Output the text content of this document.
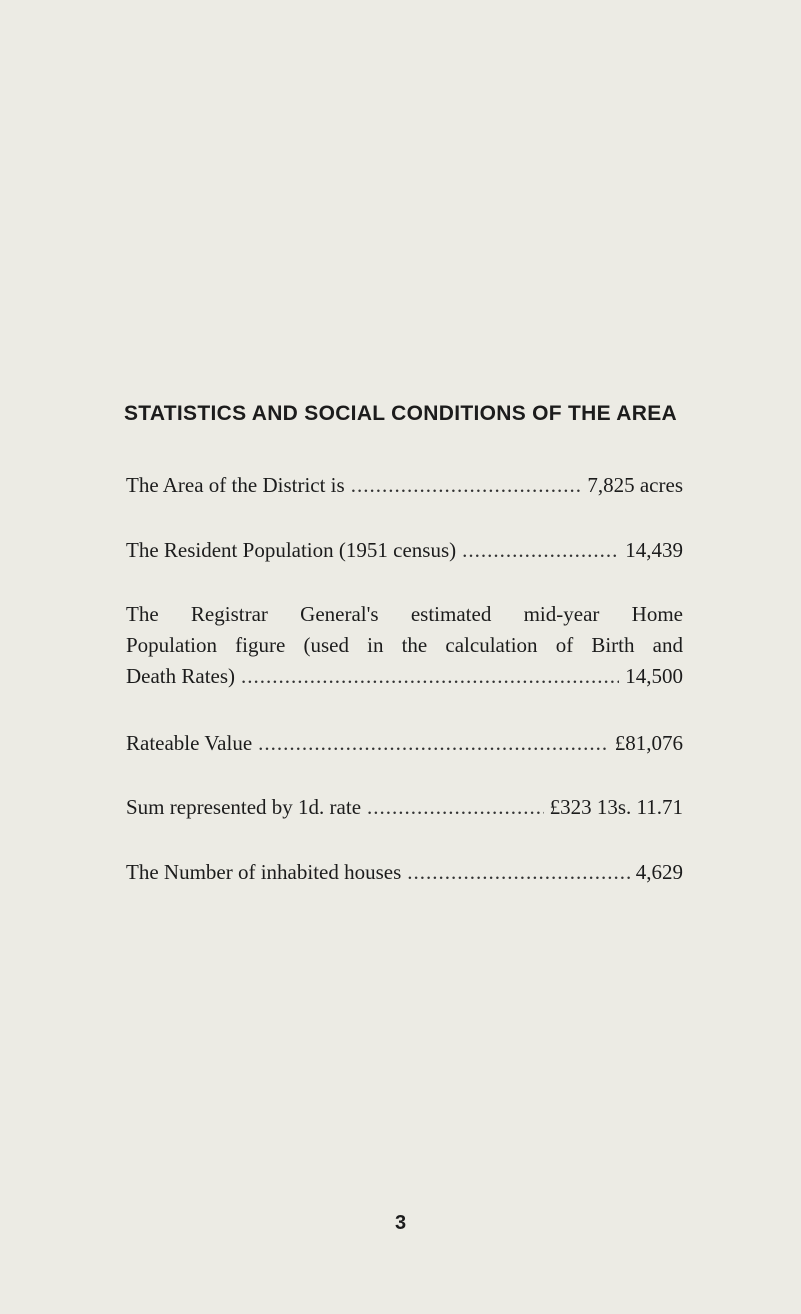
STATISTICS AND SOCIAL CONDITIONS OF THE AREA
The Area of the District is .....	7,825 acres
The Resident Population (1951 census) .....	14,439
The Registrar General's estimated mid-year Home
Population figure (used in the calculation of Birth and
Death Rates) .....	14,500
Rateable Value .....	£81,076
Sum represented by 1d. rate .....	£323 13s. 11.71
The Number of inhabited houses .....	4,629
3
